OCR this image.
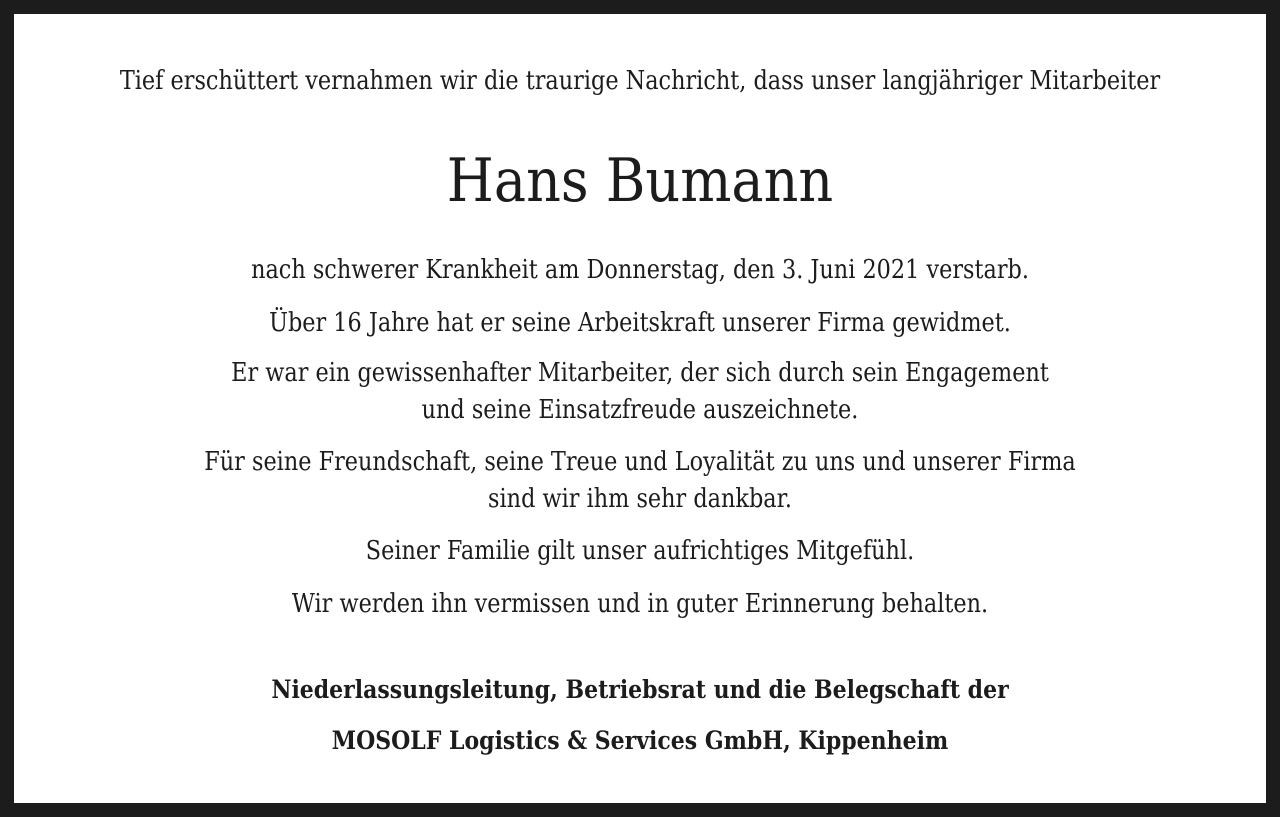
Tief erschüttert vernahmen wir die traurige Nachricht, dass unser langjähriger Mitarbeiter
Hans Bumann
nach schwerer Krankheit am Donnerstag, den 3. Juni 2021 verstarb.
Über 16 Jahre hat er seine Arbeitskraft unserer Firma gewidmet.
Er war ein gewissenhafter Mitarbeiter, der sich durch sein Engagement
und seine Einsatzfreude auszeichnete.
Für seine Freundschaft, seine Treue und Loyalität zu uns und unserer Firma
sind wir ihm sehr dankbar.
Seiner Familie gilt unser aufrichtiges Mitgefühl.
Wir werden ihn vermissen und in guter Erinnerung behalten.
Niederlassungsleitung, Betriebsrat und die Belegschaft der
MOSOLF Logistics & Services GmbH, Kippenheim
